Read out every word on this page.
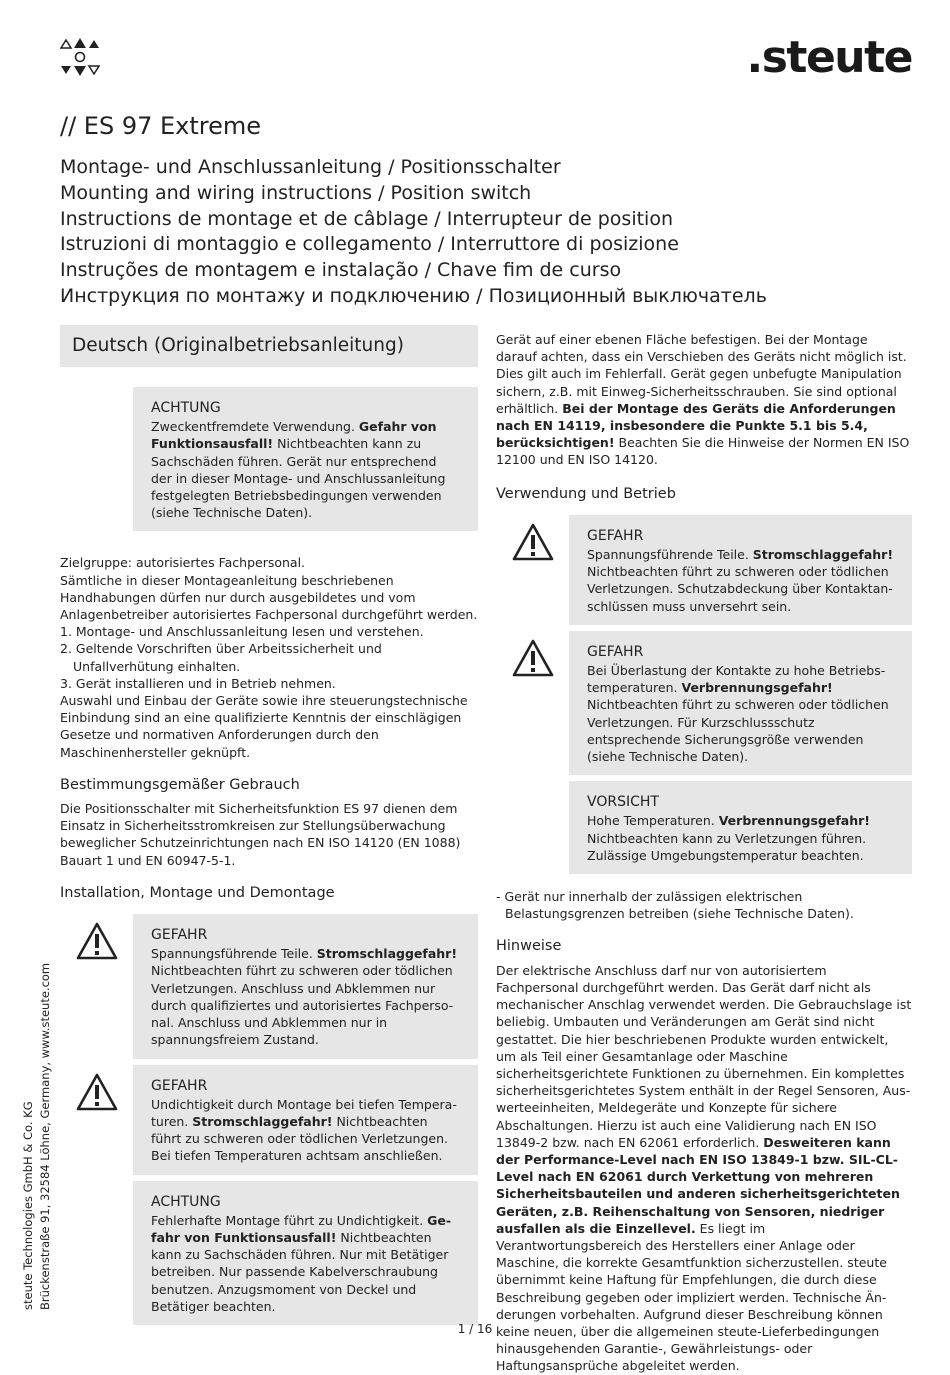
.steute
// ES 97 Extreme
Montage- und Anschlussanleitung / Positionsschalter
Mounting and wiring instructions / Position switch
Instructions de montage et de câblage / Interrupteur de position
Istruzioni di montaggio e collegamento / Interruttore di posizione
Instruções de montagem e instalação / Chave fim de curso
Инструкция по монтажу и подключению / Позиционный выключатель
Deutsch (Originalbetriebsanleitung)
ACHTUNG
Zweckentfremdete Verwendung. Gefahr von Funktionsausfall! Nichtbeachten kann zu Sachschäden führen. Gerät nur entsprechend der in dieser Montage- und Anschlussanleitung festgelegten Betriebsbedingungen verwenden (siehe Technische Daten).

Zielgruppe: autorisiertes Fachpersonal.

Sämtliche in dieser Montageanleitung beschriebenen Handhabungen dürfen nur durch ausgebildetes und vom Anlagenbetreiber autorisiertes Fachpersonal durchgeführt werden.

1. Montage- und Anschlussanleitung lesen und verstehen.

2. Geltende Vorschriften über Arbeitssicherheit und Unfallverhütung einhalten.

3. Gerät installieren und in Betrieb nehmen.

Auswahl und Einbau der Geräte sowie ihre steuerungstechnische Einbindung sind an eine qualifizierte Kenntnis der einschlägigen Gesetze und normativen Anforderungen durch den Maschinenhersteller geknüpft.

Bestimmungsgemäßer Gebrauch

Die Positionsschalter mit Sicherheitsfunktion ES 97 dienen dem Einsatz in Sicherheitsstromkreisen zur Stellungsüberwachung beweglicher Schutzeinrichtungen nach EN ISO 14120 (EN 1088) Bauart 1 und EN 60947-5-1.

Installation, Montage und Demontage
GEFAHR
Spannungsführende Teile. Stromschlaggefahr! Nichtbeachten führt zu schweren oder tödlichen Verletzungen. Anschluss und Abklemmen nur durch qualifiziertes und autorisiertes Fachpersonal. Anschluss und Abklemmen nur in spannungsfreiem Zustand.
GEFAHR
Undichtigkeit durch Montage bei tiefen Temperaturen. Stromschlaggefahr! Nichtbeachten führt zu schweren oder tödlichen Verletzungen. Bei tiefen Temperaturen achtsam anschließen.
ACHTUNG
Fehlerhafte Montage führt zu Undichtigkeit. Gefahr von Funktionsausfall! Nichtbeachten kann zu Sachschäden führen. Nur mit Betätiger betreiben. Nur passende Kabelverschraubung benutzen. Anzugsmoment von Deckel und Betätiger beachten.

Gerät auf einer ebenen Fläche befestigen. Bei der Montage darauf achten, dass ein Verschieben des Geräts nicht möglich ist. Dies gilt auch im Fehlerfall. Gerät gegen unbefugte Manipulation sichern, z.B. mit Einweg-Sicherheitsschrauben. Sie sind optional erhältlich. Bei der Montage des Geräts die Anforderungen nach EN 14119, insbesondere die Punkte 5.1 bis 5.4, berücksichtigen! Beachten Sie die Hinweise der Normen EN ISO 12100 und EN ISO 14120.

Verwendung und Betrieb
GEFAHR
Spannungsführende Teile. Stromschlaggefahr! Nichtbeachten führt zu schweren oder tödlichen Verletzungen. Schutzabdeckung über Kontaktanschlüssen muss unversehrt sein.
GEFAHR
Bei Überlastung der Kontakte zu hohe Betriebstemperaturen. Verbrennungsgefahr! Nichtbeachten führt zu schweren oder tödlichen Verletzungen. Für Kurzschlussschutz entsprechende Sicherungsgröße verwenden (siehe Technische Daten).
VORSICHT
Hohe Temperaturen. Verbrennungsgefahr! Nichtbeachten kann zu Verletzungen führen. Zulässige Umgebungstemperatur beachten.

- Gerät nur innerhalb der zulässigen elektrischen Belastungsgrenzen betreiben (siehe Technische Daten).

Hinweise

Der elektrische Anschluss darf nur von autorisiertem Fachpersonal durchgeführt werden. Das Gerät darf nicht als mechanischer Anschlag verwendet werden. Die Gebrauchslage ist beliebig. Umbauten und Veränderungen am Gerät sind nicht gestattet. Die hier beschriebenen Produkte wurden entwickelt, um als Teil einer Gesamtanlage oder Maschine sicherheitsgerichtete Funktionen zu übernehmen. Ein komplettes sicherheitsgerichtetes System enthält in der Regel Sensoren, Auswerteeinheiten, Meldegeräte und Konzepte für sichere Abschaltungen. Hierzu ist auch eine Validierung nach EN ISO 13849-2 bzw. nach EN 62061 erforderlich. Desweiteren kann der Performance-Level nach EN ISO 13849-1 bzw. SIL-CL-Level nach EN 62061 durch Verkettung von mehreren Sicherheitsbauteilen und anderen sicherheitsgerichteten Geräten, z.B. Reihenschaltung von Sensoren, niedriger ausfallen als die Einzellevel. Es liegt im Verantwortungsbereich des Herstellers einer Anlage oder Maschine, die korrekte Gesamtfunktion sicherzustellen. steute übernimmt keine Haftung für Empfehlungen, die durch diese Beschreibung gegeben oder impliziert werden. Technische Änderungen vorbehalten. Aufgrund dieser Beschreibung können keine neuen, über die allgemeinen steute-Lieferbedingungen hinausgehenden Garantie-, Gewährleistungs- oder Haftungsansprüche abgeleitet werden.

steute Technologies GmbH & Co. KG Brückenstraße 91, 32584 Löhne, Germany, www.steute.com
1 / 16
